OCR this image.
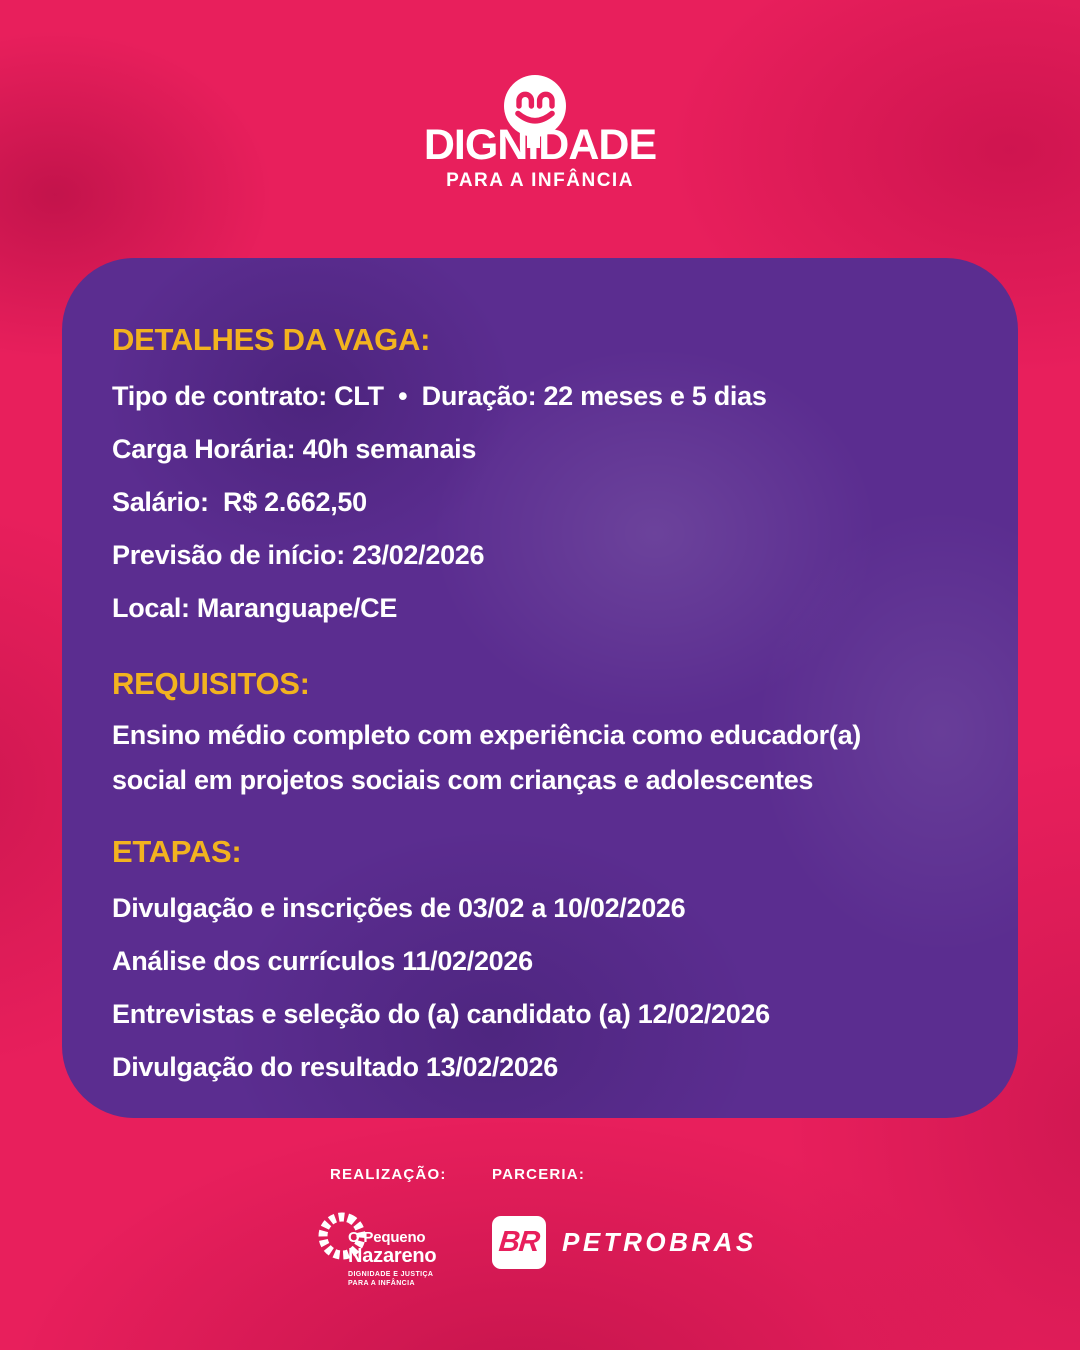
DIGNIDADE
PARA A INFÂNCIA
DETALHES DA VAGA:
Tipo de contrato: CLT  •  Duração: 22 meses e 5 dias
Carga Horária: 40h semanais
Salário:  R$ 2.662,50
Previsão de início: 23/02/2026
Local: Maranguape/CE
REQUISITOS:
Ensino médio completo com experiência como educador(a) social em projetos sociais com crianças e adolescentes
ETAPAS:
Divulgação e inscrições de 03/02 a 10/02/2026
Análise dos currículos 11/02/2026
Entrevistas e seleção do (a) candidato (a) 12/02/2026
Divulgação do resultado 13/02/2026
REALIZAÇÃO:	PARCERIA:
O Pequeno
Nazareno
DIGNIDADE E JUSTIÇA
PARA A INFÂNCIA
BR PETROBRAS
